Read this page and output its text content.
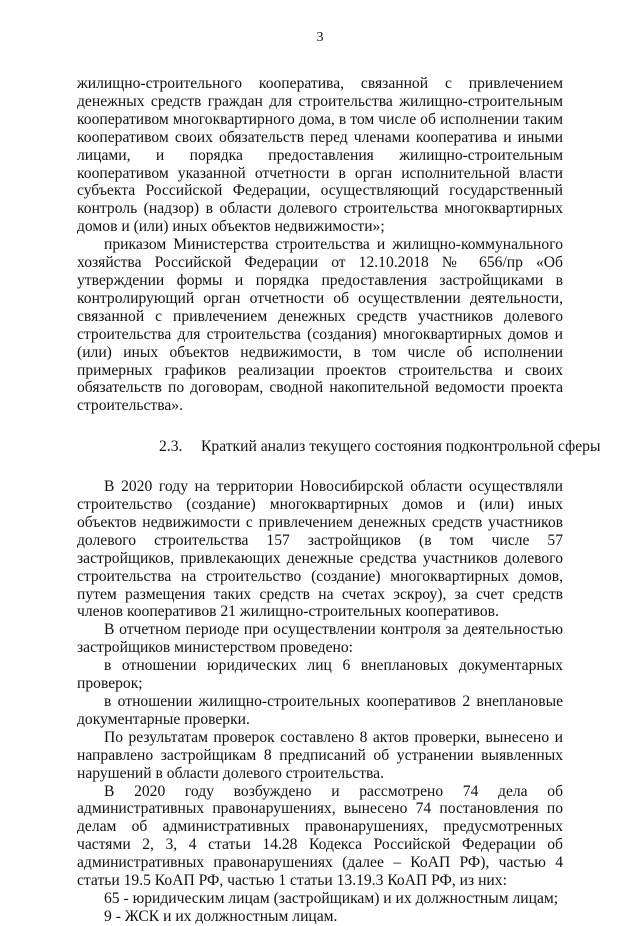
3

жилищно-строительного кооператива, связанной с привлечением денежных средств граждан для строительства жилищно-строительным кооперативом многоквартирного дома, в том числе об исполнении таким кооперативом своих обязательств перед членами кооператива и иными лицами, и порядка предоставления жилищно-строительным кооперативом указанной отчетности в орган исполнительной власти субъекта Российской Федерации, осуществляющий государственный контроль (надзор) в области долевого строительства многоквартирных домов и (или) иных объектов недвижимости»;

приказом Министерства строительства и жилищно-коммунального хозяйства Российской Федерации от 12.10.2018 № 656/пр «Об утверждении формы и порядка предоставления застройщиками в контролирующий орган отчетности об осуществлении деятельности, связанной с привлечением денежных средств участников долевого строительства для строительства (создания) многоквартирных домов и (или) иных объектов недвижимости, в том числе об исполнении примерных графиков реализации проектов строительства и своих обязательств по договорам, сводной накопительной ведомости проекта строительства».

2.3. Краткий анализ текущего состояния подконтрольной сферы

В 2020 году на территории Новосибирской области осуществляли строительство (создание) многоквартирных домов и (или) иных объектов недвижимости с привлечением денежных средств участников долевого строительства 157 застройщиков (в том числе 57 застройщиков, привлекающих денежные средства участников долевого строительства на строительство (создание) многоквартирных домов, путем размещения таких средств на счетах эскроу), за счет средств членов кооперативов 21 жилищно-строительных кооперативов.

В отчетном периоде при осуществлении контроля за деятельностью застройщиков министерством проведено:

в отношении юридических лиц 6 внеплановых документарных проверок;

в отношении жилищно-строительных кооперативов 2 внеплановые документарные проверки.

По результатам проверок составлено 8 актов проверки, вынесено и направлено застройщикам 8 предписаний об устранении выявленных нарушений в области долевого строительства.

В 2020 году возбуждено и рассмотрено 74 дела об административных правонарушениях, вынесено 74 постановления по делам об административных правонарушениях, предусмотренных частями 2, 3, 4 статьи 14.28 Кодекса Российской Федерации об административных правонарушениях (далее – КоАП РФ), частью 4 статьи 19.5 КоАП РФ, частью 1 статьи 13.19.3 КоАП РФ, из них:

65 - юридическим лицам (застройщикам) и их должностным лицам;

9 - ЖСК и их должностным лицам.
